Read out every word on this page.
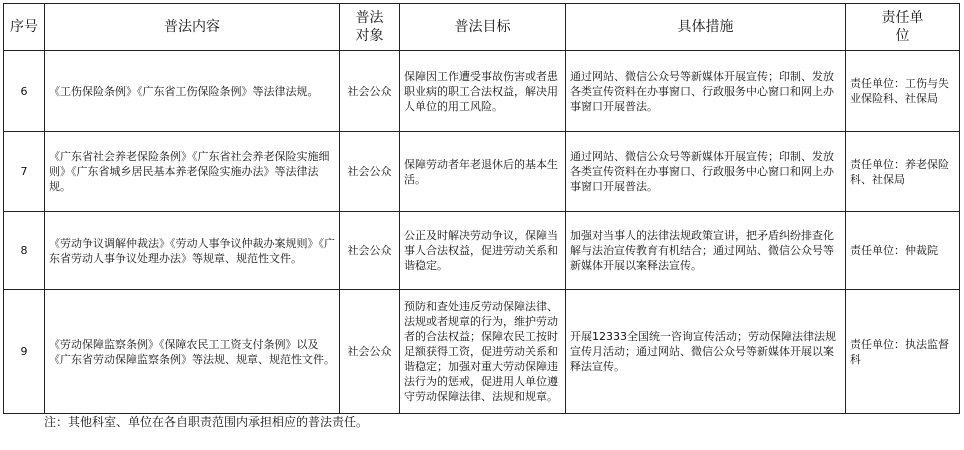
序号	普法内容	普法对象	普法目标	具体措施	责任单位
6	《工伤保险条例》《广东省工伤保险条例》等法律法规。	社会公众	保障因工作遭受事故伤害或者患职业病的职工合法权益，解决用人单位的用工风险。	通过网站、微信公众号等新媒体开展宣传；印制、发放各类宣传资料在办事窗口、行政服务中心窗口和网上办事窗口开展普法。	责任单位：工伤与失业保险科、社保局
7	《广东省社会养老保险条例》《广东省社会养老保险实施细则》《广东省城乡居民基本养老保险实施办法》等法律法规。	社会公众	保障劳动者年老退休后的基本生活。	通过网站、微信公众号等新媒体开展宣传；印制、发放各类宣传资料在办事窗口、行政服务中心窗口和网上办事窗口开展普法。	责任单位：养老保险科、社保局
8	《劳动争议调解仲裁法》《劳动人事争议仲裁办案规则》《广东省劳动人事争议处理办法》等规章、规范性文件。	社会公众	公正及时解决劳动争议，保障当事人合法权益，促进劳动关系和谐稳定。	加强对当事人的法律法规政策宣讲，把矛盾纠纷排查化解与法治宣传教育有机结合；通过网站、微信公众号等新媒体开展以案释法宣传。	责任单位：仲裁院
9	《劳动保障监察条例》《保障农民工工资支付条例》以及《广东省劳动保障监察条例》等法规、规章、规范性文件。	社会公众	预防和查处违反劳动保障法律、法规或者规章的行为，维护劳动者的合法权益；保障农民工按时足额获得工资，促进劳动关系和谐稳定；加强对重大劳动保障违法行为的惩戒，促进用人单位遵守劳动保障法律、法规和规章。	开展12333全国统一咨询宣传活动；劳动保障法律法规宣传月活动；通过网站、微信公众号等新媒体开展以案释法宣传。	责任单位：执法监督科
注：其他科室、单位在各自职责范围内承担相应的普法责任。
